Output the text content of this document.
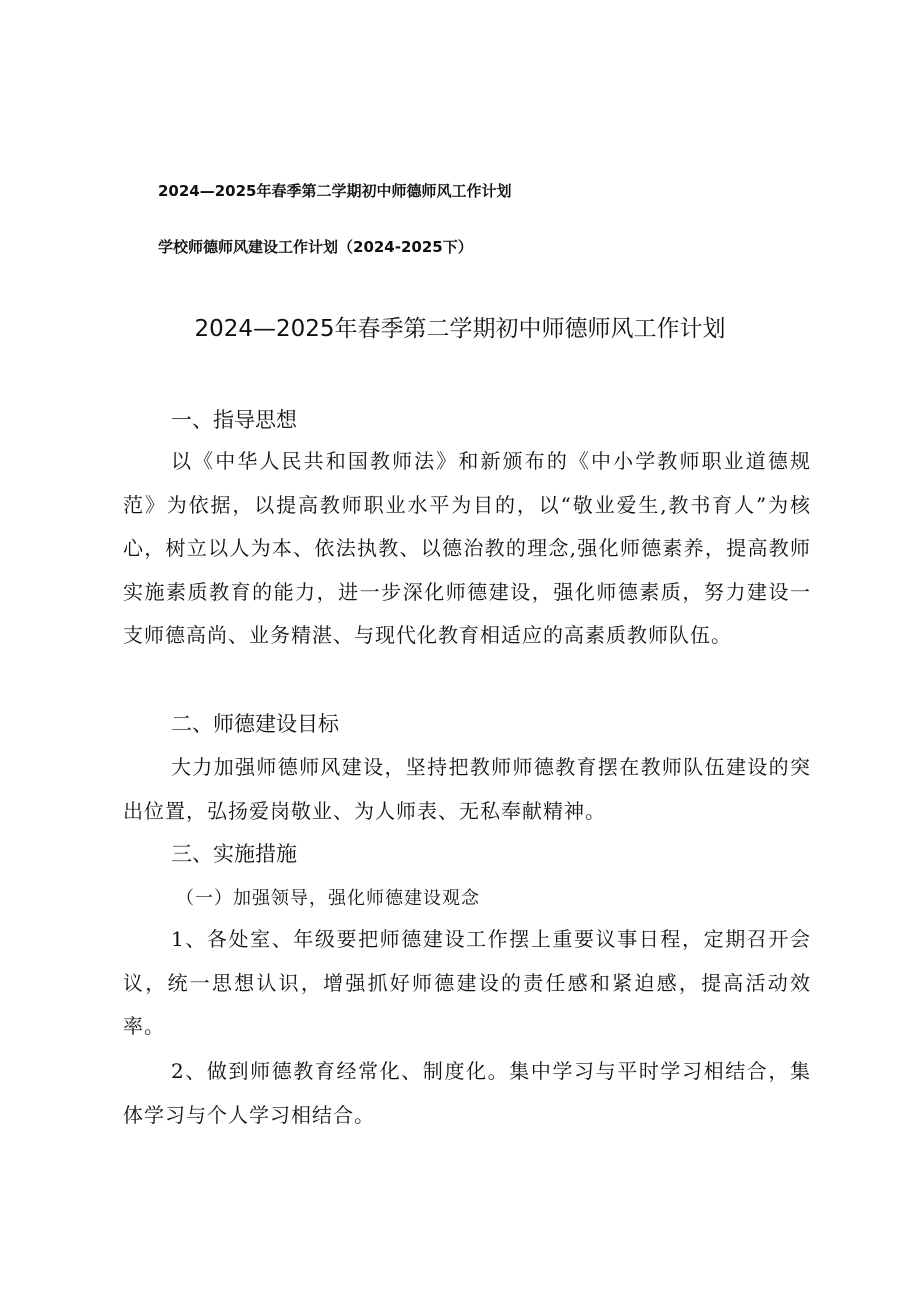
2024—2025年春季第二学期初中师德师风工作计划
学校师德师风建设工作计划（2024-2025下）
2024—2025年春季第二学期初中师德师风工作计划
一、指导思想
以《中华人民共和国教师法》和新颁布的《中小学教师职业道德规范》为依据，以提高教师职业水平为目的，以“敬业爱生,教书育人”为核心，树立以人为本、依法执教、以德治教的理念,强化师德素养，提高教师实施素质教育的能力，进一步深化师德建设，强化师德素质，努力建设一支师德高尚、业务精湛、与现代化教育相适应的高素质教师队伍。
二、师德建设目标
大力加强师德师风建设，坚持把教师师德教育摆在教师队伍建设的突出位置，弘扬爱岗敬业、为人师表、无私奉献精神。
三、实施措施
（一）加强领导，强化师德建设观念
1、各处室、年级要把师德建设工作摆上重要议事日程，定期召开会议，统一思想认识，增强抓好师德建设的责任感和紧迫感，提高活动效率。
2、做到师德教育经常化、制度化。集中学习与平时学习相结合，集体学习与个人学习相结合。
